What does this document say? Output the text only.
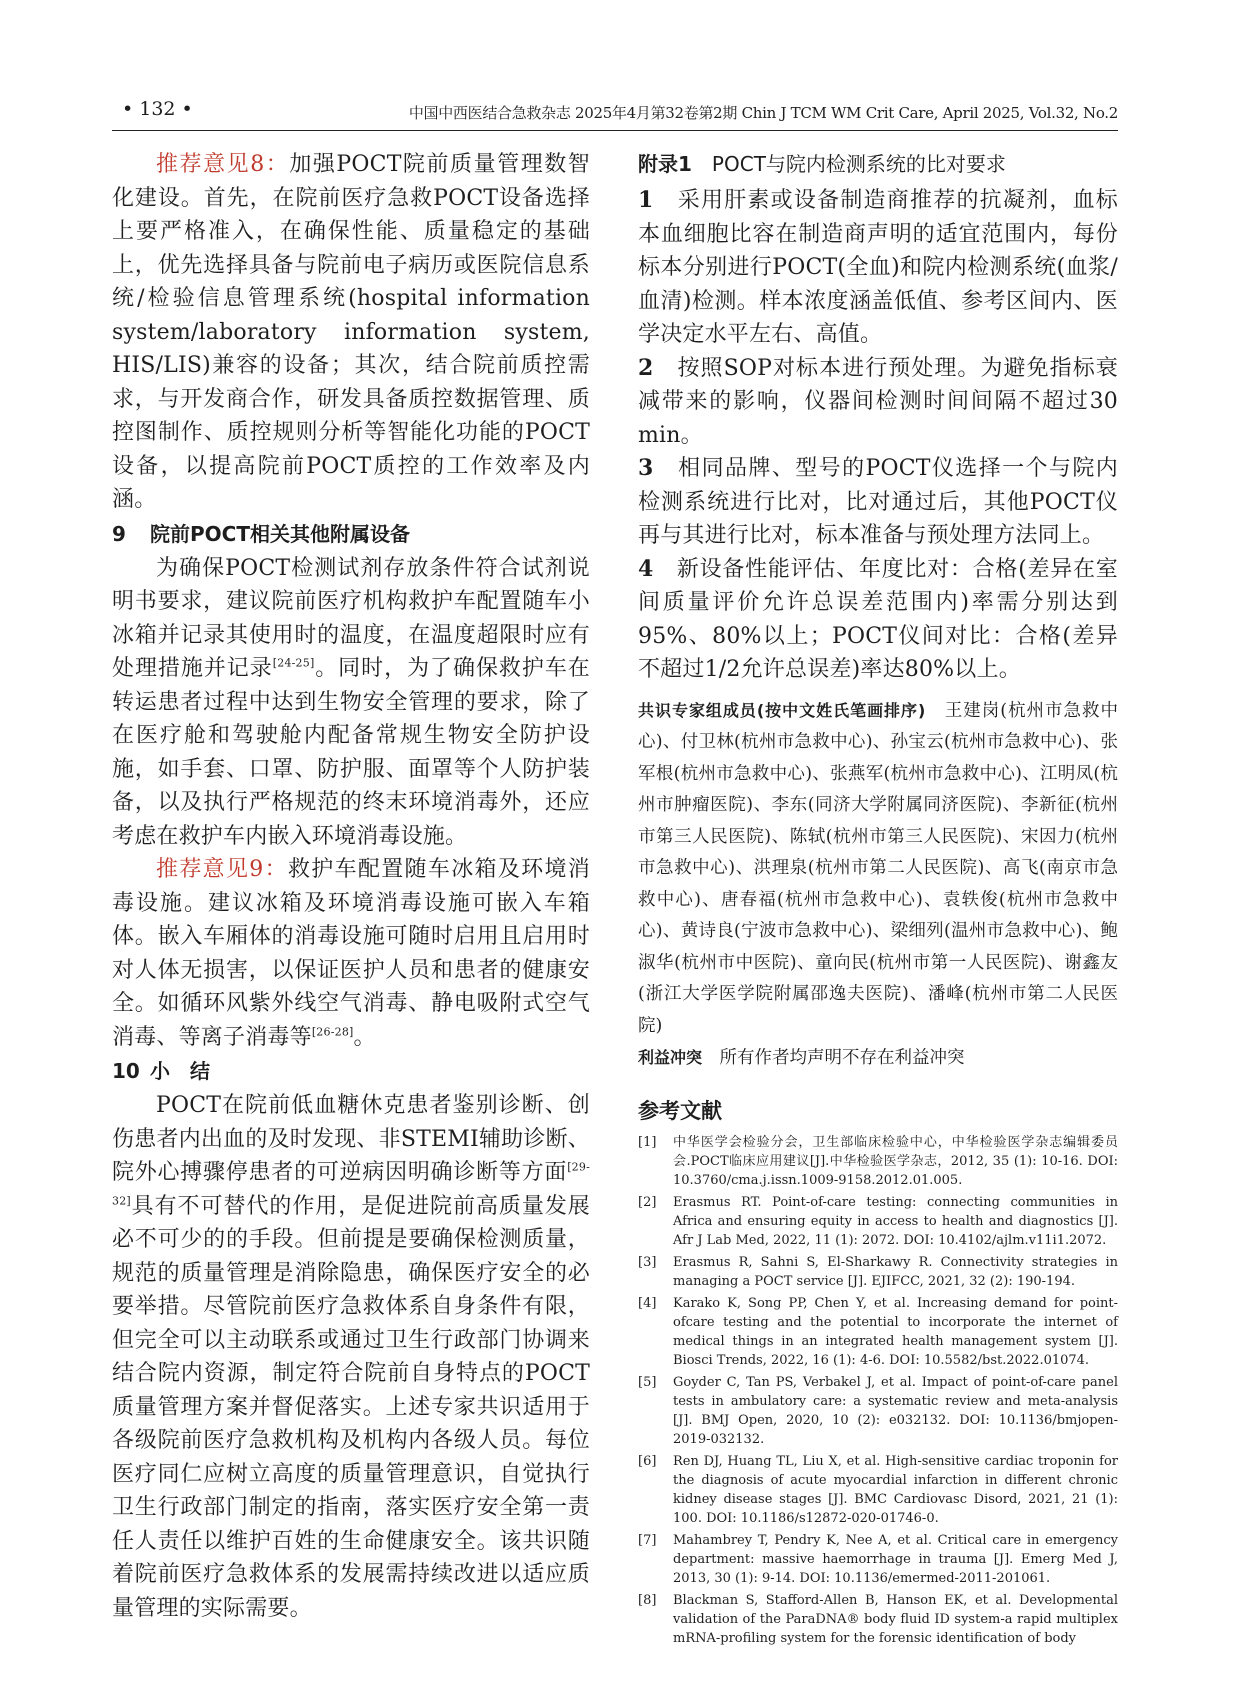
• 132 •	中国中西医结合急救杂志 2025年4月第32卷第2期 Chin J TCM WM Crit Care, April 2025, Vol.32, No.2

推荐意见8：加强POCT院前质量管理数智化建设。首先，在院前医疗急救POCT设备选择上要严格准入，在确保性能、质量稳定的基础上，优先选择具备与院前电子病历或医院信息系统/检验信息管理系统(hospital information system/laboratory information system, HIS/LIS)兼容的设备；其次，结合院前质控需求，与开发商合作，研发具备质控数据管理、质控图制作、质控规则分析等智能化功能的POCT设备，以提高院前POCT质控的工作效率及内涵。

9 院前POCT相关其他附属设备

为确保POCT检测试剂存放条件符合试剂说明书要求，建议院前医疗机构救护车配置随车小冰箱并记录其使用时的温度，在温度超限时应有处理措施并记录[24-25]。同时，为了确保救护车在转运患者过程中达到生物安全管理的要求，除了在医疗舱和驾驶舱内配备常规生物安全防护设施，如手套、口罩、防护服、面罩等个人防护装备，以及执行严格规范的终末环境消毒外，还应考虑在救护车内嵌入环境消毒设施。

推荐意见9：救护车配置随车冰箱及环境消毒设施。建议冰箱及环境消毒设施可嵌入车箱体。嵌入车厢体的消毒设施可随时启用且启用时对人体无损害，以保证医护人员和患者的健康安全。如循环风紫外线空气消毒、静电吸附式空气消毒、等离子消毒等[26-28]。

10 小　结

POCT在院前低血糖休克患者鉴别诊断、创伤患者内出血的及时发现、非STEMI辅助诊断、院外心搏骤停患者的可逆病因明确诊断等方面[29-32]具有不可替代的作用，是促进院前高质量发展必不可少的的手段。但前提是要确保检测质量，规范的质量管理是消除隐患，确保医疗安全的必要举措。尽管院前医疗急救体系自身条件有限，但完全可以主动联系或通过卫生行政部门协调来结合院内资源，制定符合院前自身特点的POCT质量管理方案并督促落实。上述专家共识适用于各级院前医疗急救机构及机构内各级人员。每位医疗同仁应树立高度的质量管理意识，自觉执行卫生行政部门制定的指南，落实医疗安全第一责任人责任以维护百姓的生命健康安全。该共识随着院前医疗急救体系的发展需持续改进以适应质量管理的实际需要。

附录1　 POCT与院内检测系统的比对要求

1　 采用肝素或设备制造商推荐的抗凝剂，血标本血细胞比容在制造商声明的适宜范围内，每份标本分别进行POCT(全血)和院内检测系统(血浆/血清)检测。样本浓度涵盖低值、参考区间内、医学决定水平左右、高值。

2　 按照SOP对标本进行预处理。为避免指标衰减带来的影响，仪器间检测时间间隔不超过30 min。

3　 相同品牌、型号的POCT仪选择一个与院内检测系统进行比对，比对通过后，其他POCT仪再与其进行比对，标本准备与预处理方法同上。

4　 新设备性能评估、年度比对：合格(差异在室间质量评价允许总误差范围内)率需分别达到95%、80%以上；POCT仪间对比：合格(差异不超过1/2允许总误差)率达80%以上。

共识专家组成员(按中文姓氏笔画排序)　 王建岗(杭州市急救中心)、付卫林(杭州市急救中心)、孙宝云(杭州市急救中心)、张军根(杭州市急救中心)、张燕军(杭州市急救中心)、江明凤(杭州市肿瘤医院)、李东(同济大学附属同济医院)、李新征(杭州市第三人民医院)、陈轼(杭州市第三人民医院)、宋因力(杭州市急救中心)、洪理泉(杭州市第二人民医院)、高飞(南京市急救中心)、唐春福(杭州市急救中心)、袁轶俊(杭州市急救中心)、黄诗良(宁波市急救中心)、梁细列(温州市急救中心)、鲍淑华(杭州市中医院)、童向民(杭州市第一人民医院)、谢鑫友(浙江大学医学院附属邵逸夫医院)、潘峰(杭州市第二人民医院)

利益冲突　 所有作者均声明不存在利益冲突

参考文献
[1]	中华医学会检验分会，卫生部临床检验中心，中华检验医学杂志编辑委员会.POCT临床应用建议[J].中华检验医学杂志，2012, 35 (1): 10-16. DOI: 10.3760/cma.j.issn.1009-9158.2012.01.005.
[2]	Erasmus RT. Point-of-care testing: connecting communities in Africa and ensuring equity in access to health and diagnostics [J]. Afr J Lab Med, 2022, 11 (1): 2072. DOI: 10.4102/ajlm.v11i1.2072.
[3]	Erasmus R, Sahni S, El-Sharkawy R. Connectivity strategies in managing a POCT service [J]. EJIFCC, 2021, 32 (2): 190-194.
[4]	Karako K, Song PP, Chen Y, et al. Increasing demand for point-ofcare testing and the potential to incorporate the internet of medical things in an integrated health management system [J]. Biosci Trends, 2022, 16 (1): 4-6. DOI: 10.5582/bst.2022.01074.
[5]	Goyder C, Tan PS, Verbakel J, et al. Impact of point-of-care panel tests in ambulatory care: a systematic review and meta-analysis [J]. BMJ Open, 2020, 10 (2): e032132. DOI: 10.1136/bmjopen-2019-032132.
[6]	Ren DJ, Huang TL, Liu X, et al. High-sensitive cardiac troponin for the diagnosis of acute myocardial infarction in different chronic kidney disease stages [J]. BMC Cardiovasc Disord, 2021, 21 (1): 100. DOI: 10.1186/s12872-020-01746-0.
[7]	Mahambrey T, Pendry K, Nee A, et al. Critical care in emergency department: massive haemorrhage in trauma [J]. Emerg Med J, 2013, 30 (1): 9-14. DOI: 10.1136/emermed-2011-201061.
[8]	Blackman S, Stafford-Allen B, Hanson EK, et al. Developmental validation of the ParaDNA® body fluid ID system-a rapid multiplex mRNA-profiling system for the forensic identification of body
